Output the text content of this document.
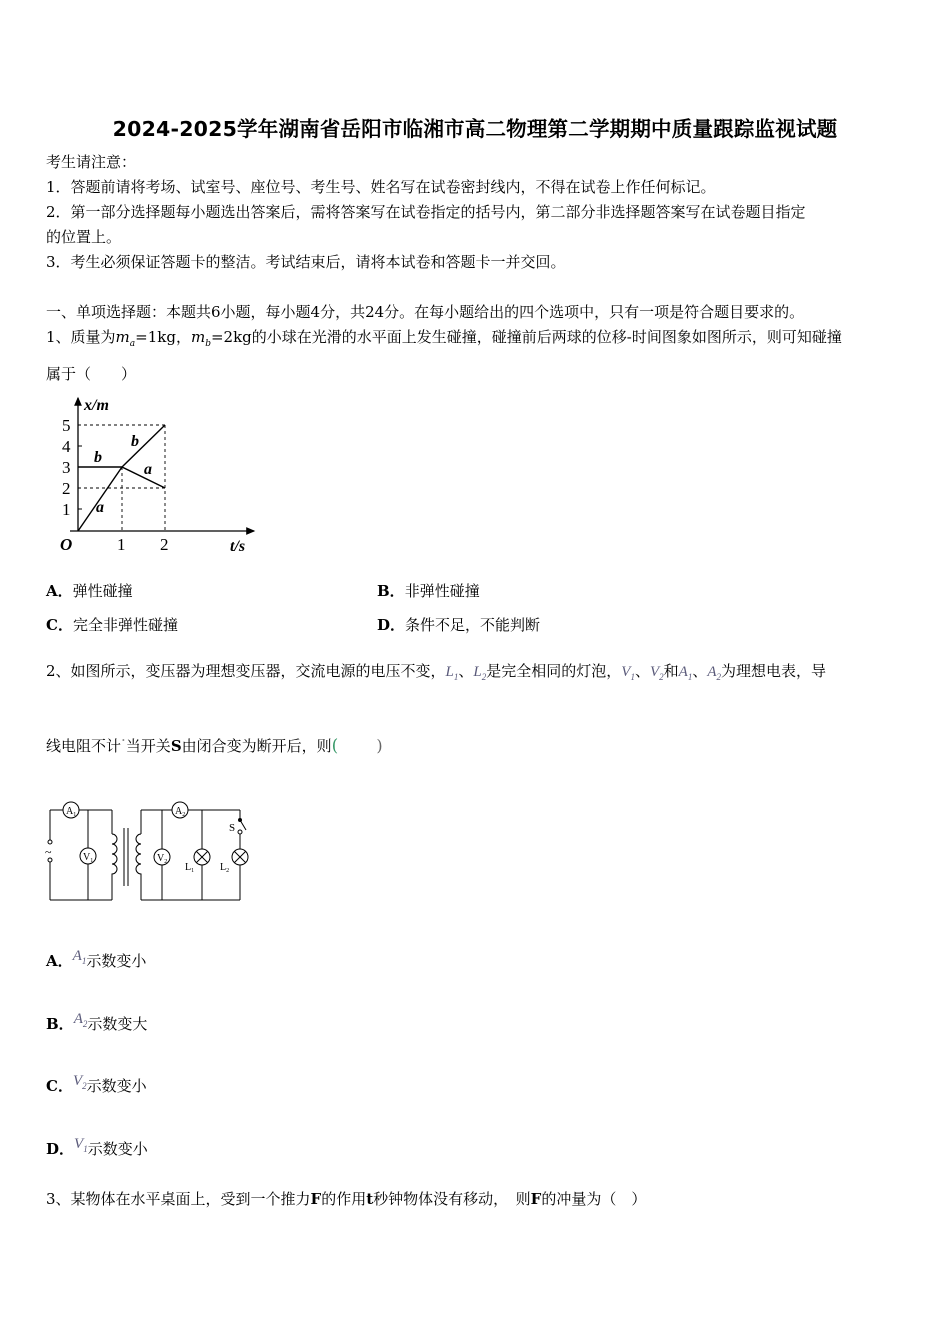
2024-2025学年湖南省岳阳市临湘市高二物理第二学期期中质量跟踪监视试题
考生请注意：
1．答题前请将考场、试室号、座位号、考生号、姓名写在试卷密封线内，不得在试卷上作任何标记。
2．第一部分选择题每小题选出答案后，需将答案写在试卷指定的括号内，第二部分非选择题答案写在试卷题目指定
的位置上。
3．考生必须保证答题卡的整洁。考试结束后，请将本试卷和答题卡一并交回。
一、单项选择题：本题共6小题，每小题4分，共24分。在每小题给出的四个选项中，只有一项是符合题目要求的。
1、质量为$m_a=1kg$，$m_b=2kg$的小球在光滑的水平面上发生碰撞，碰撞前后两球的位移-时间图象如图所示，则可知碰撞
属于（　　）
x/m
t/s
O
1
2
3
4
5
1 2
b
b
a
a
A．弹性碰撞	B．非弹性碰撞
C．完全非弹性碰撞	D．条件不足，不能判断
2、如图所示，变压器为理想变压器，交流电源的电压不变，$L_1$、$L_2$是完全相同的灯泡，$V_1$、$V_2$和$A_1$、$A_2$为理想电表，导
线电阻不计·当开关S由闭合变为断开后，则( )
~
$A_1$
$V_1$
$A_2$
$V_2$ $L_1$	$L_2$
S
A．$A_1$示数变小
B．$A_2$示数变大
C．$V_2$示数变小
D．$V_1$示数变小
3、某物体在水平桌面上，受到一个推力F的作用t秒钟物体没有移动，　则F的冲量为（　）
